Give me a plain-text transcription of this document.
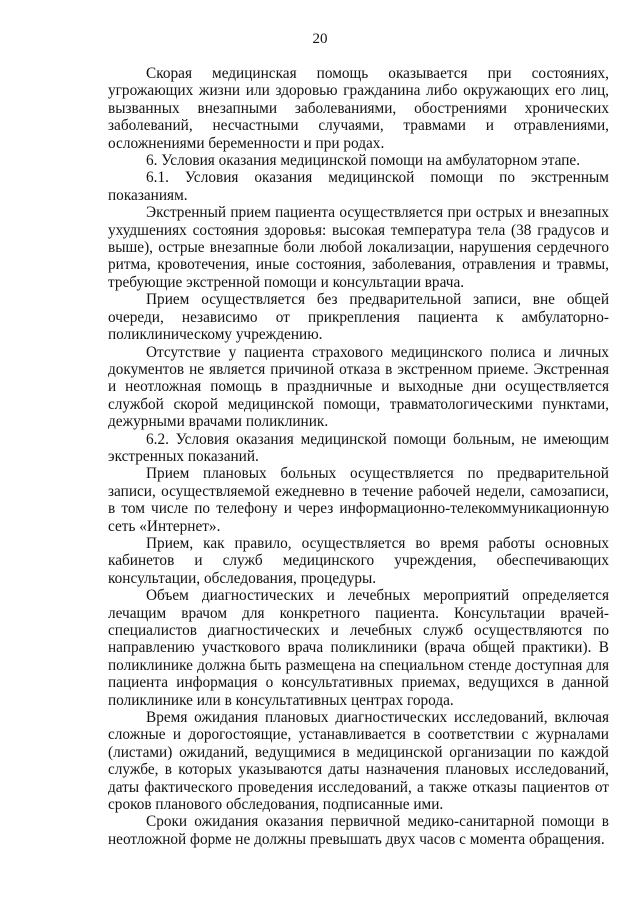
20

Скорая медицинская помощь оказывается при состояниях, угрожающих жизни или здоровью гражданина либо окружающих его лиц, вызванных внезапными заболеваниями, обострениями хронических заболеваний, несчастными случаями, травмами и отравлениями, осложнениями беременности и при родах.

6. Условия оказания медицинской помощи на амбулаторном этапе.

6.1. Условия оказания медицинской помощи по экстренным показаниям.

Экстренный прием пациента осуществляется при острых и внезапных ухудшениях состояния здоровья: высокая температура тела (38 градусов и выше), острые внезапные боли любой локализации, нарушения сердечного ритма, кровотечения, иные состояния, заболевания, отравления и травмы, требующие экстренной помощи и консультации врача.

Прием осуществляется без предварительной записи, вне общей очереди, независимо от прикрепления пациента к амбулаторно-поликлиническому учреждению.

Отсутствие у пациента страхового медицинского полиса и личных документов не является причиной отказа в экстренном приеме. Экстренная и неотложная помощь в праздничные и выходные дни осуществляется службой скорой медицинской помощи, травматологическими пунктами, дежурными врачами поликлиник.

6.2. Условия оказания медицинской помощи больным, не имеющим экстренных показаний.

Прием плановых больных осуществляется по предварительной записи, осуществляемой ежедневно в течение рабочей недели, самозаписи, в том числе по телефону и через информационно-телекоммуникационную сеть «Интернет».

Прием, как правило, осуществляется во время работы основных кабинетов и служб медицинского учреждения, обеспечивающих консультации, обследования, процедуры.

Объем диагностических и лечебных мероприятий определяется лечащим врачом для конкретного пациента. Консультации врачей-специалистов диагностических и лечебных служб осуществляются по направлению участкового врача поликлиники (врача общей практики). В поликлинике должна быть размещена на специальном стенде доступная для пациента информация о консультативных приемах, ведущихся в данной поликлинике или в консультативных центрах города.

Время ожидания плановых диагностических исследований, включая сложные и дорогостоящие, устанавливается в соответствии с журналами (листами) ожиданий, ведущимися в медицинской организации по каждой службе, в которых указываются даты назначения плановых исследований, даты фактического проведения исследований, а также отказы пациентов от сроков планового обследования, подписанные ими.

Сроки ожидания оказания первичной медико-санитарной помощи в неотложной форме не должны превышать двух часов с момента обращения.
